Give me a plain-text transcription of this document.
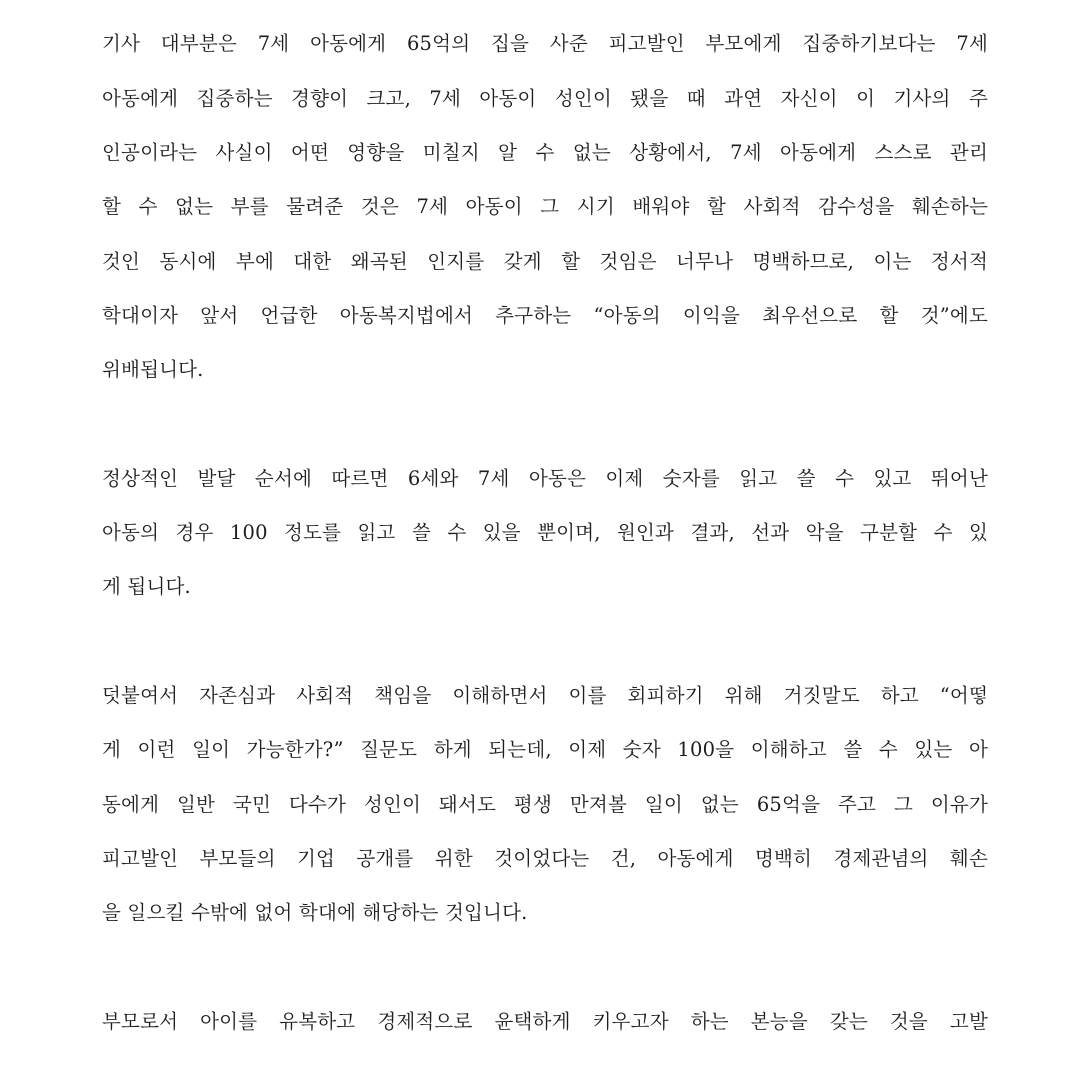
기사 대부분은 7세 아동에게 65억의 집을 사준 피고발인 부모에게 집중하기보다는 7세
아동에게 집중하는 경향이 크고, 7세 아동이 성인이 됐을 때 과연 자신이 이 기사의 주
인공이라는 사실이 어떤 영향을 미칠지 알 수 없는 상황에서, 7세 아동에게 스스로 관리
할 수 없는 부를 물려준 것은 7세 아동이 그 시기 배워야 할 사회적 감수성을 훼손하는
것인 동시에 부에 대한 왜곡된 인지를 갖게 할 것임은 너무나 명백하므로, 이는 정서적
학대이자 앞서 언급한 아동복지법에서 추구하는 “아동의 이익을 최우선으로 할 것”에도
위배됩니다.
정상적인 발달 순서에 따르면 6세와 7세 아동은 이제 숫자를 읽고 쓸 수 있고 뛰어난
아동의 경우 100 정도를 읽고 쓸 수 있을 뿐이며, 원인과 결과, 선과 악을 구분할 수 있
게 됩니다.
덧붙여서 자존심과 사회적 책임을 이해하면서 이를 회피하기 위해 거짓말도 하고 “어떻
게 이런 일이 가능한가?” 질문도 하게 되는데, 이제 숫자 100을 이해하고 쓸 수 있는 아
동에게 일반 국민 다수가 성인이 돼서도 평생 만져볼 일이 없는 65억을 주고 그 이유가
피고발인 부모들의 기업 공개를 위한 것이었다는 건, 아동에게 명백히 경제관념의 훼손
을 일으킬 수밖에 없어 학대에 해당하는 것입니다.
부모로서 아이를 유복하고 경제적으로 윤택하게 키우고자 하는 본능을 갖는 것을 고발
